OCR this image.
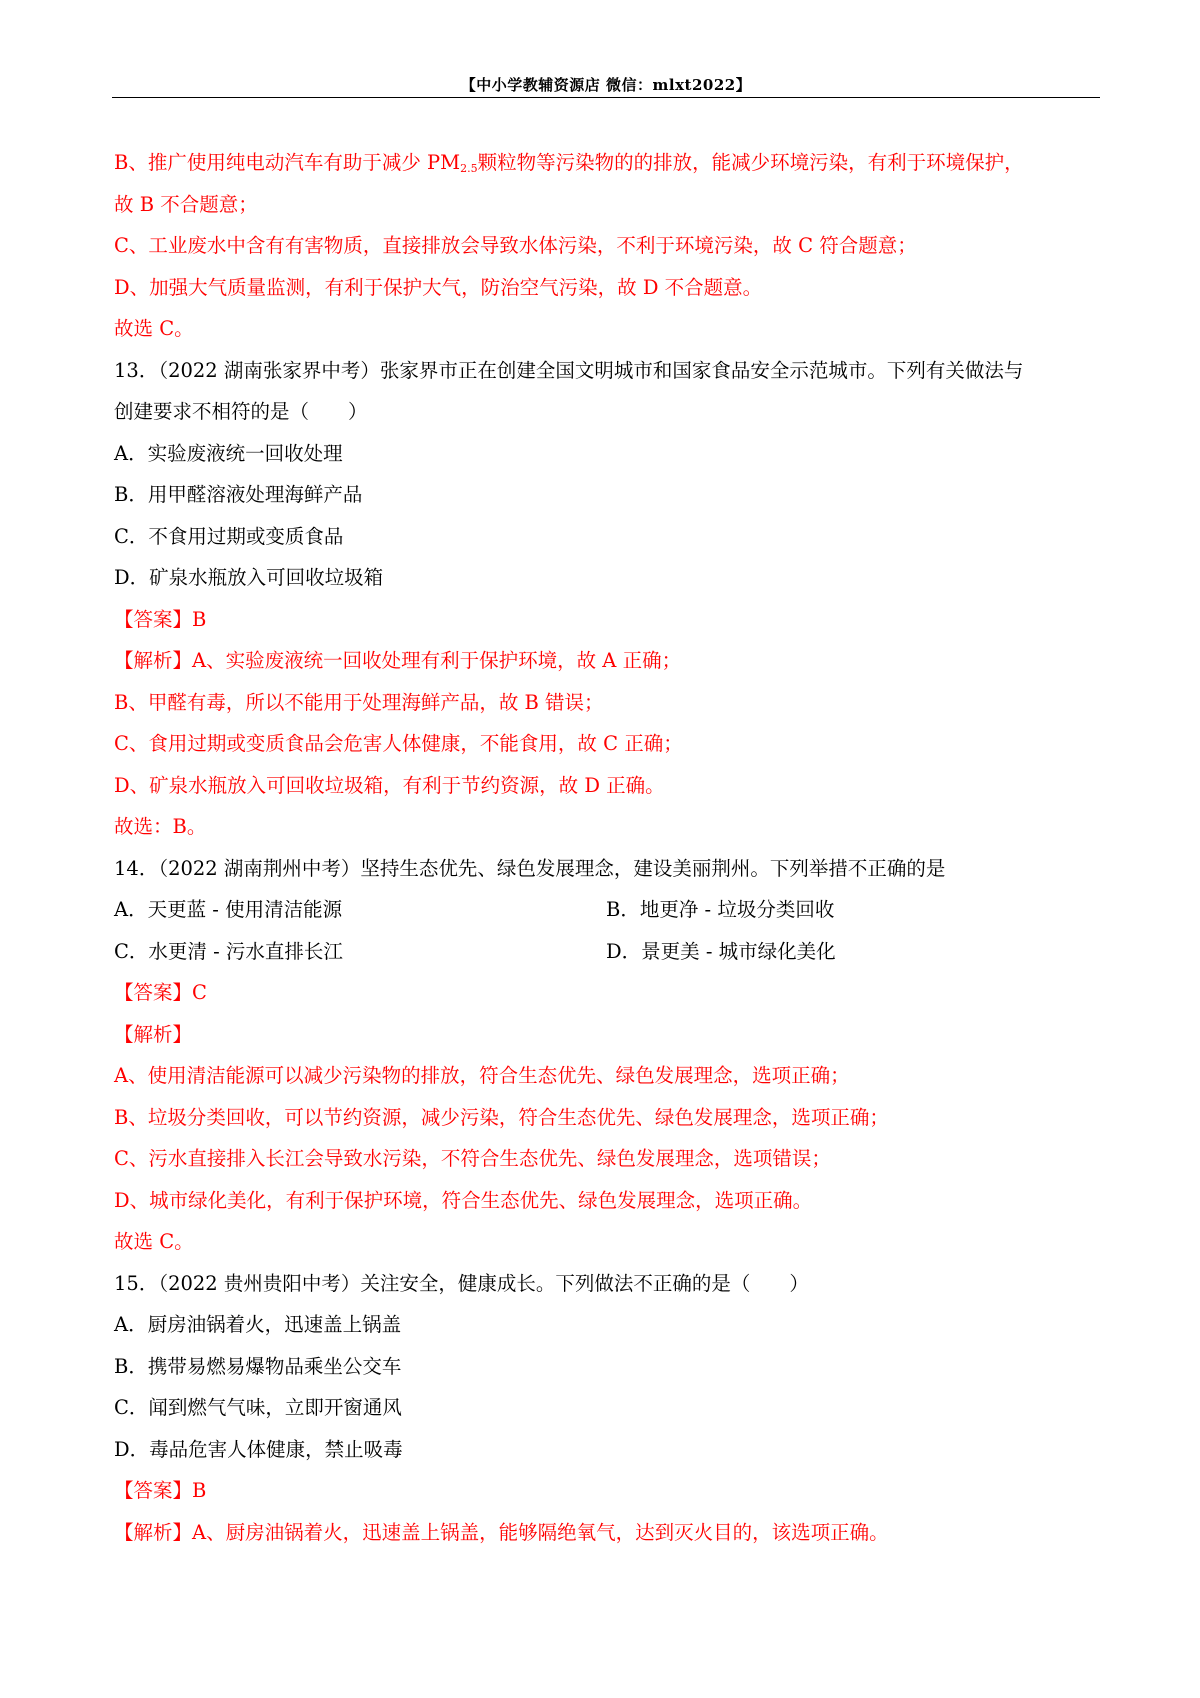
【中小学教辅资源店 微信：mlxt2022】
B、推广使用纯电动汽车有助于减少 $PM_{2.5}$颗粒物等污染物的的排放，能减少环境污染，有利于环境保护，
故 B 不合题意；
C、工业废水中含有有害物质，直接排放会导致水体污染，不利于环境污染，故 C 符合题意；
D、加强大气质量监测，有利于保护大气，防治空气污染，故 D 不合题意。
故选 C。
13．（2022 湖南张家界中考）张家界市正在创建全国文明城市和国家食品安全示范城市。下列有关做法与
创建要求不相符的是（　　）
A．实验废液统一回收处理
B．用甲醛溶液处理海鲜产品
C．不食用过期或变质食品
D．矿泉水瓶放入可回收垃圾箱
【答案】B
【解析】A、实验废液统一回收处理有利于保护环境，故 A 正确；
B、甲醛有毒，所以不能用于处理海鲜产品，故 B 错误；
C、食用过期或变质食品会危害人体健康，不能食用，故 C 正确；
D、矿泉水瓶放入可回收垃圾箱，有利于节约资源，故 D 正确。
故选：B。
14．（2022 湖南荆州中考）坚持生态优先、绿色发展理念，建设美丽荆州。下列举措不正确的是
A．天更蓝 - 使用清洁能源	B．地更净 - 垃圾分类回收
C．水更清 - 污水直排长江	D．景更美 - 城市绿化美化
【答案】C
【解析】
A、使用清洁能源可以减少污染物的排放，符合生态优先、绿色发展理念，选项正确；
B、垃圾分类回收，可以节约资源，减少污染，符合生态优先、绿色发展理念，选项正确；
C、污水直接排入长江会导致水污染，不符合生态优先、绿色发展理念，选项错误；
D、城市绿化美化，有利于保护环境，符合生态优先、绿色发展理念，选项正确。
故选 C。
15．（2022 贵州贵阳中考）关注安全，健康成长。下列做法不正确的是（　　）
A．厨房油锅着火，迅速盖上锅盖
B．携带易燃易爆物品乘坐公交车
C．闻到燃气气味，立即开窗通风
D．毒品危害人体健康，禁止吸毒
【答案】B
【解析】A、厨房油锅着火，迅速盖上锅盖，能够隔绝氧气，达到灭火目的，该选项正确。
